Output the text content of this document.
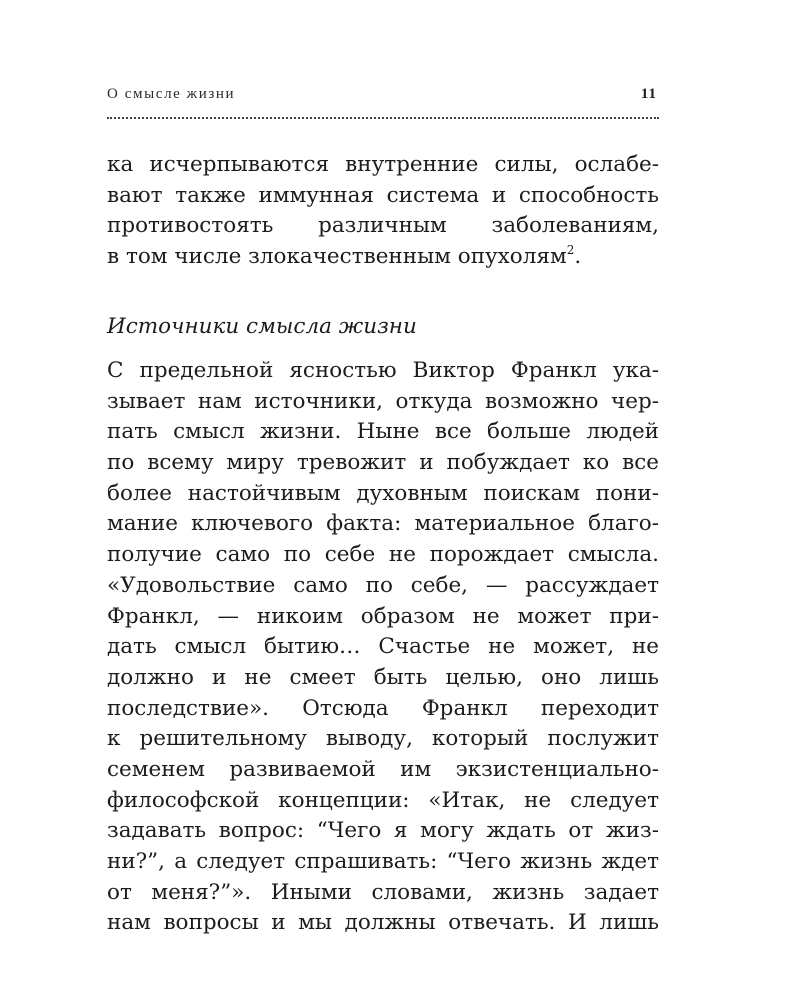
О смысле жизни	11
ка исчерпываются внутренние силы, ослабе-
вают также иммунная система и способность
противостоять различным заболеваниям,
в том числе злокачественным опухолям$^2$.
Источники смысла жизни
С предельной ясностью Виктор Франкл ука-
зывает нам источники, откуда возможно чер-
пать смысл жизни. Ныне все больше людей
по всему миру тревожит и побуждает ко все
более настойчивым духовным поискам пони-
мание ключевого факта: материальное благо-
получие само по себе не порождает смысла.
«Удовольствие само по себе, — рассуждает
Франкл, — никоим образом не может при-
дать смысл бытию… Счастье не может, не
должно и не смеет быть целью, оно лишь
последствие». Отсюда Франкл переходит
к решительному выводу, который послужит
семенем развиваемой им экзистенциально-
философской концепции: «Итак, не следует
задавать вопрос: “Чего я могу ждать от жиз-
ни?”, а следует спрашивать: “Чего жизнь ждет
от меня?”». Иными словами, жизнь задает
нам вопросы и мы должны отвечать. И лишь
